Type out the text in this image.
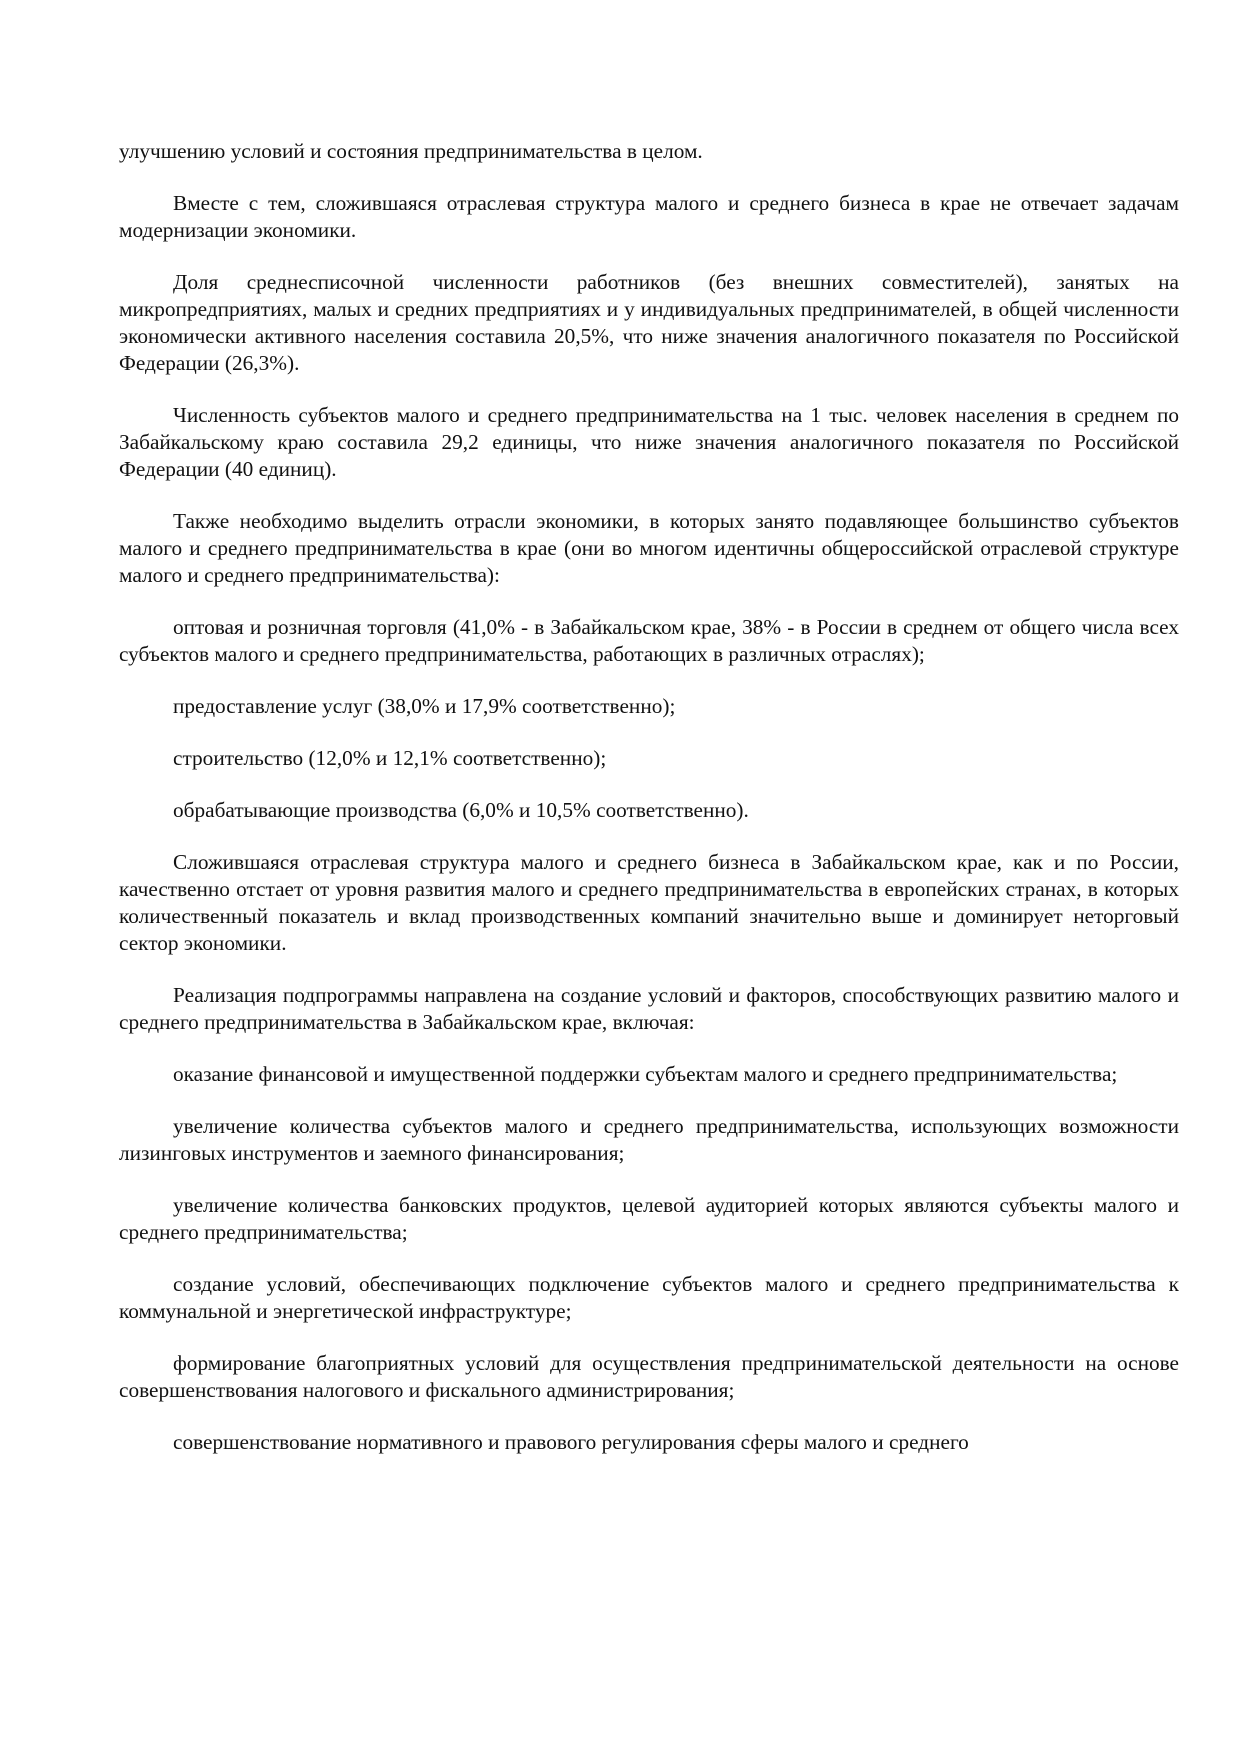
улучшению условий и состояния предпринимательства в целом.

Вместе с тем, сложившаяся отраслевая структура малого и среднего бизнеса в крае не отвечает задачам модернизации экономики.

Доля среднесписочной численности работников (без внешних совместителей), занятых на микропредприятиях, малых и средних предприятиях и у индивидуальных предпринимателей, в общей численности экономически активного населения составила 20,5%, что ниже значения аналогичного показателя по Российской Федерации (26,3%).

Численность субъектов малого и среднего предпринимательства на 1 тыс. человек населения в среднем по Забайкальскому краю составила 29,2 единицы, что ниже значения аналогичного показателя по Российской Федерации (40 единиц).

Также необходимо выделить отрасли экономики, в которых занято подавляющее большинство субъектов малого и среднего предпринимательства в крае (они во многом идентичны общероссийской отраслевой структуре малого и среднего предпринимательства):

оптовая и розничная торговля (41,0% - в Забайкальском крае, 38% - в России в среднем от общего числа всех субъектов малого и среднего предпринимательства, работающих в различных отраслях);

предоставление услуг (38,0% и 17,9% соответственно);

строительство (12,0% и 12,1% соответственно);

обрабатывающие производства (6,0% и 10,5% соответственно).

Сложившаяся отраслевая структура малого и среднего бизнеса в Забайкальском крае, как и по России, качественно отстает от уровня развития малого и среднего предпринимательства в европейских странах, в которых количественный показатель и вклад производственных компаний значительно выше и доминирует неторговый сектор экономики.

Реализация подпрограммы направлена на создание условий и факторов, способствующих развитию малого и среднего предпринимательства в Забайкальском крае, включая:

оказание финансовой и имущественной поддержки субъектам малого и среднего предпринимательства;

увеличение количества субъектов малого и среднего предпринимательства, использующих возможности лизинговых инструментов и заемного финансирования;

увеличение количества банковских продуктов, целевой аудиторией которых являются субъекты малого и среднего предпринимательства;

создание условий, обеспечивающих подключение субъектов малого и среднего предпринимательства к коммунальной и энергетической инфраструктуре;

формирование благоприятных условий для осуществления предпринимательской деятельности на основе совершенствования налогового и фискального администрирования;

совершенствование нормативного и правового регулирования сферы малого и среднего
